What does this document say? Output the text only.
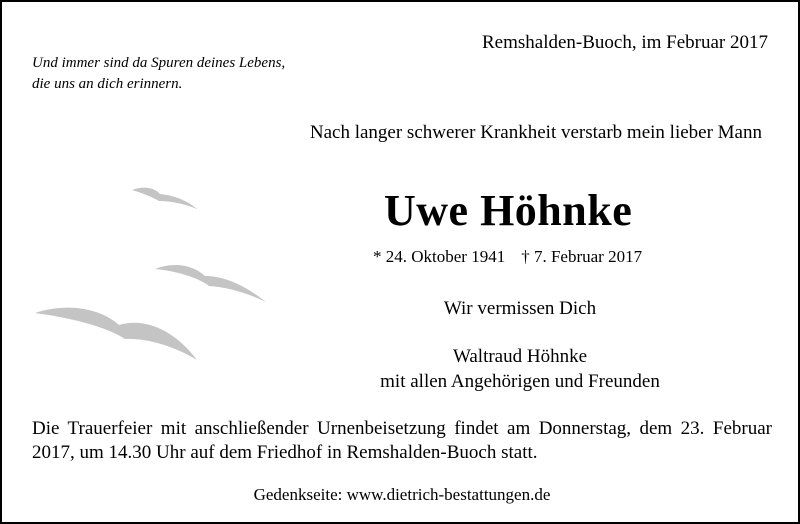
Remshalden-Buoch, im Februar 2017
Und immer sind da Spuren deines Lebens,
die uns an dich erinnern.
Nach langer schwerer Krankheit verstarb mein lieber Mann
Uwe Höhnke
* 24. Oktober 1941 † 7. Februar 2017
Wir vermissen Dich
Waltraud Höhnke
mit allen Angehörigen und Freunden
Die Trauerfeier mit anschließender Urnenbeisetzung findet am Donnerstag, dem 23. Februar 2017, um 14.30 Uhr auf dem Friedhof in Remshalden-Buoch statt.
Gedenkseite: www.dietrich-bestattungen.de
